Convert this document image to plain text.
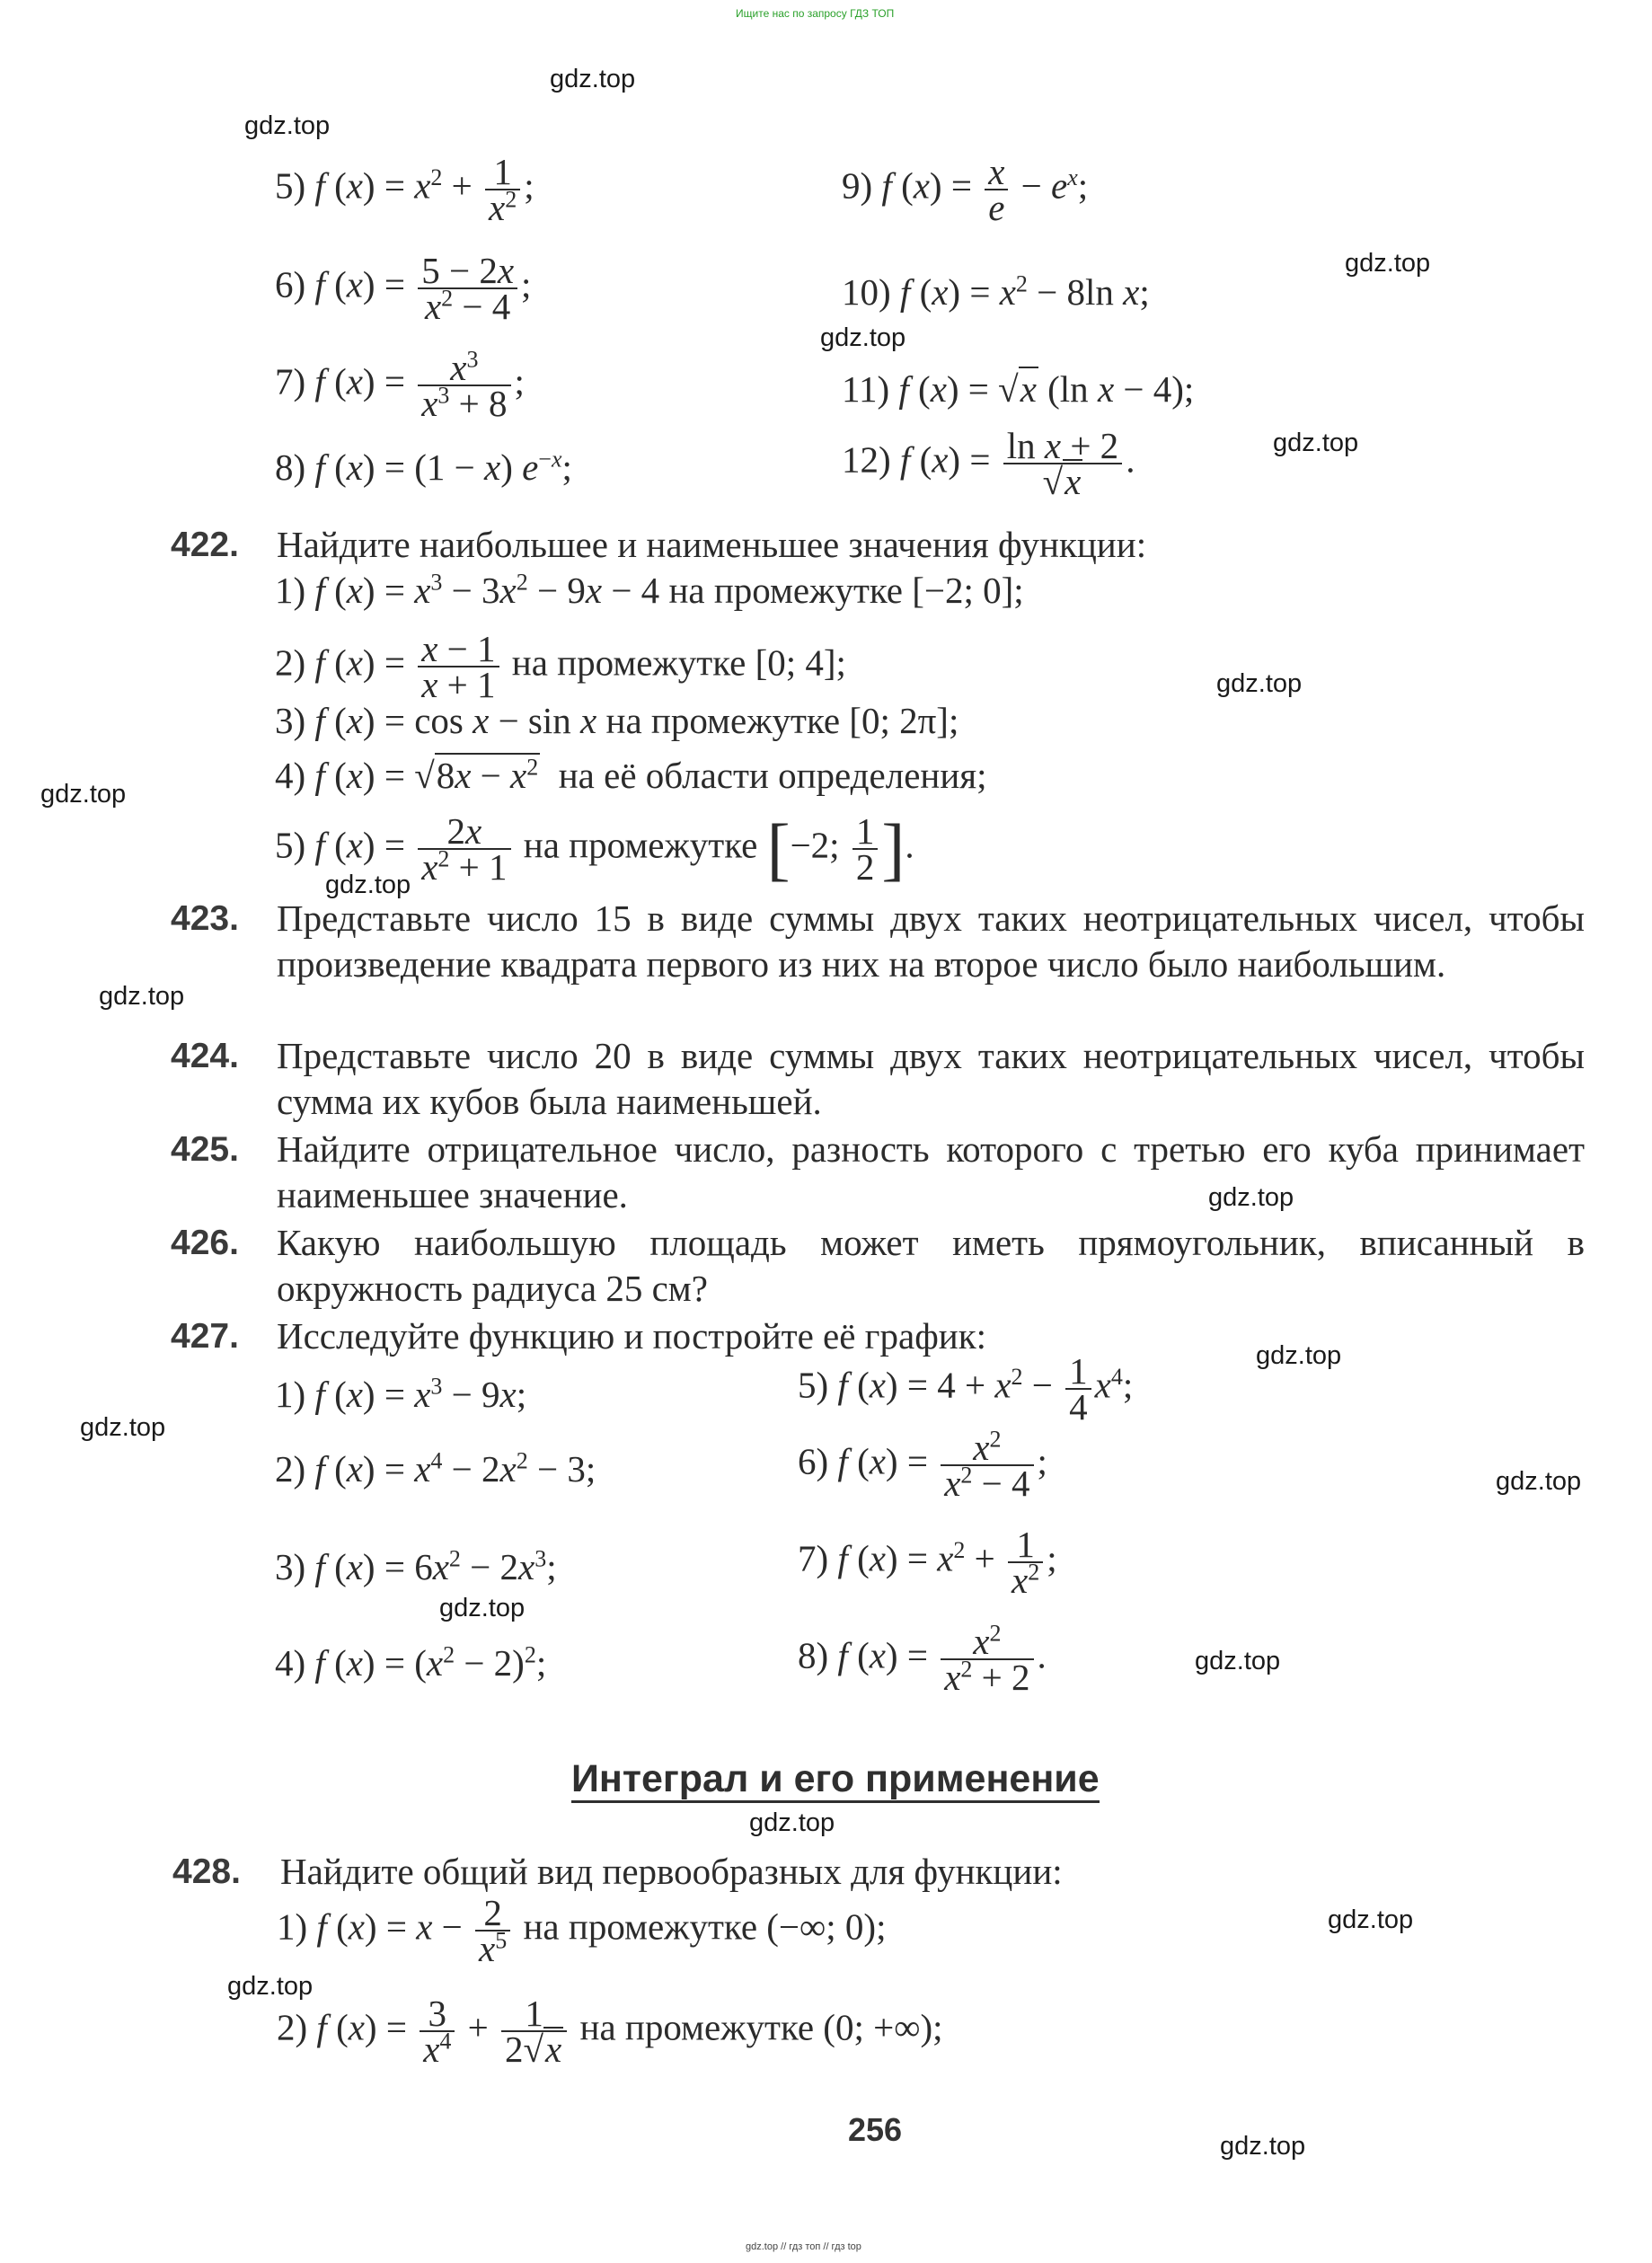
Ищите нас по запросу ГДЗ ТОП
gdz.top
gdz.top
gdz.top
gdz.top
gdz.top
gdz.top
gdz.top
gdz.top
gdz.top
gdz.top
gdz.top
gdz.top
gdz.top
gdz.top
gdz.top
gdz.top
gdz.top
gdz.top
gdz.top
5) f $(x) = x^2 + \frac{1}{x^2}$ ;	9) f $(x) = \frac{x}{e} - e^x$;
6) f $(x) = \frac{5 - 2x}{x^2 - 4}$ ;	10) f $(x) = x^2 - 8\ln$ x;
7) f $(x) = \frac{x^3}{x^3 + 8}$ ;	11) f (x) = √x (ln x − 4);
8) f (x) = (1 − x) $e^{-x}$;	12) f $(x) = \frac{\text{ln x + 2}}{√x}$ .
422. Найдите наибольшее и наименьшее значения функции:
1) f $(x) = x^3 - 3x^2 - 9x - 4$ на промежутке [−2; 0];
2) f $(x) = \frac{x - 1}{x + 1}$ на промежутке [0; 4];
3) f (x) = cos x − sin x на промежутке [0; 2π];
4) f $(x) = √8x - x^2$ на её области определения;
5) f $(x) = \frac{2x}{x^2 + 1}$ на промежутке [−2; $\frac{1}{2}$ ].
423. Представьте число 15 в виде суммы двух таких неотрицательных чисел, чтобы произведение квадрата первого из них на второе число было наибольшим.
424. Представьте число 20 в виде суммы двух таких неотрицательных чисел, чтобы сумма их кубов была наименьшей.
425. Найдите отрицательное число, разность которого с третью его куба принимает наименьшее значение.
426. Какую наибольшую площадь может иметь прямоугольник, вписанный в окружность радиуса 25 см?
427. Исследуйте функцию и постройте её график:
1) f $(x) = x^3 - 9x$;	5) f $(x) = 4 + x^2 - \frac{1}{4} x^4$;
2) f $(x) = x^4 - 2x^2 - 3$;	6) f $(x) = \frac{x^2}{x^2 - 4}$ ;
3) f $(x) = 6x^2 - 2x^3$;	7) f $(x) = x^2 + \frac{1}{x^2}$ ;
4) f $(x) = (x^2 - 2)^2$;	8) f $(x) = \frac{x^2}{x^2 + 2}$ .
Интеграл и его применение
428. Найдите общий вид первообразных для функции:
1) f $(x) = x - \frac{2}{x^5}$ на промежутке (−∞; 0);
2) f $(x) = \frac{3}{x^4} + \frac{1}{2√x}$ на промежутке (0; +∞);
256
gdz.top // гдз топ // гдз top
